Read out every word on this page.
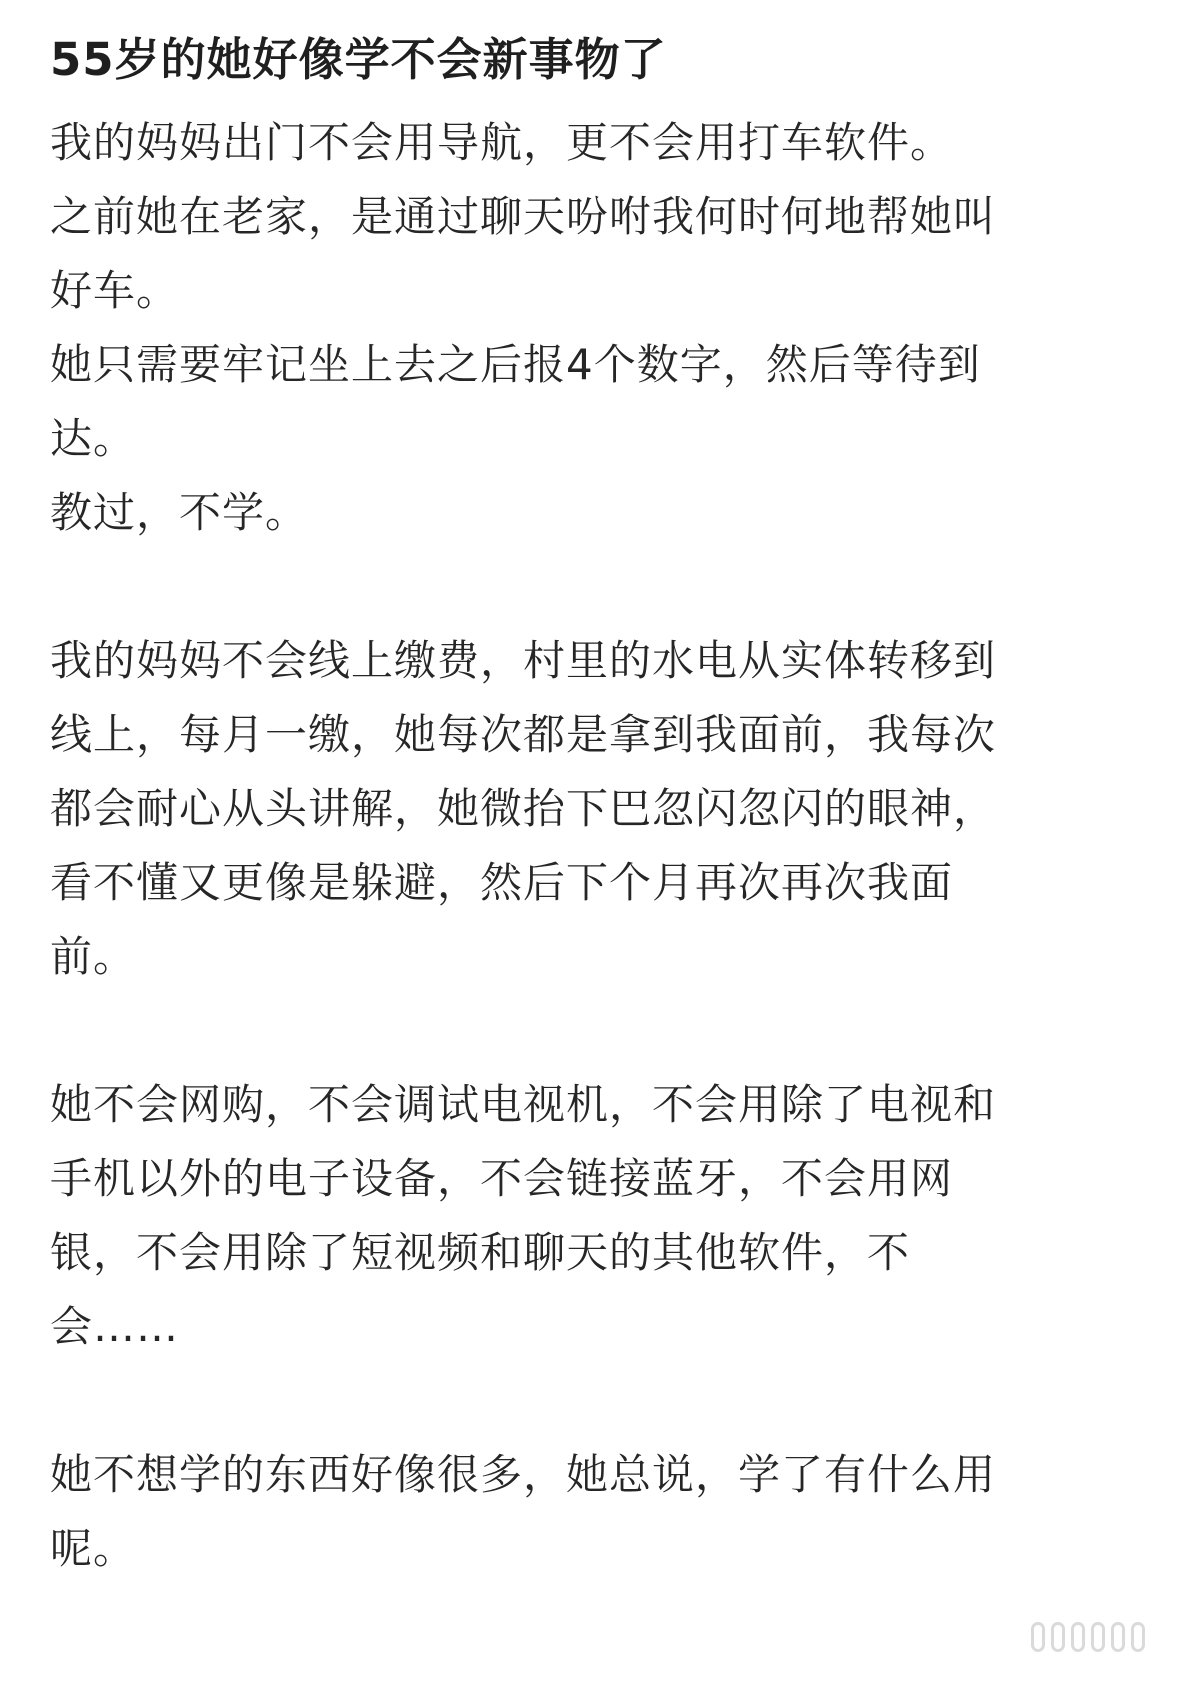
55岁的她好像学不会新事物了
我的妈妈出门不会用导航，更不会用打车软件。
之前她在老家，是通过聊天吩咐我何时何地帮她叫
好车。
她只需要牢记坐上去之后报4个数字，然后等待到
达。
教过，不学。
我的妈妈不会线上缴费，村里的水电从实体转移到
线上，每月一缴，她每次都是拿到我面前，我每次
都会耐心从头讲解，她微抬下巴忽闪忽闪的眼神，
看不懂又更像是躲避，然后下个月再次再次我面
前。
她不会网购，不会调试电视机，不会用除了电视和
手机以外的电子设备，不会链接蓝牙，不会用网
银，不会用除了短视频和聊天的其他软件，不
会……
她不想学的东西好像很多，她总说，学了有什么用
呢。
